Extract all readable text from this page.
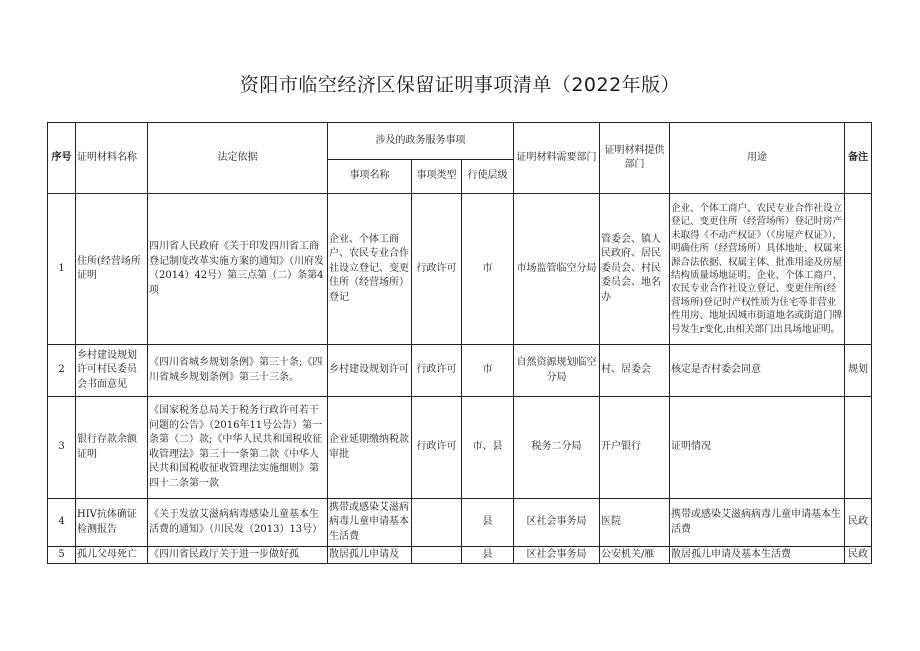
资阳市临空经济区保留证明事项清单（2022年版）
序号	证明材料名称	法定依据	涉及的政务服务事项			证明材料需要部门	证明材料提供部门	用途	备注
			事项名称	事项类型	行使层级				
1	住所(经营场所证明	四川省人民政府《关于印发四川省工商登记制度改革实施方案的通知》（川府发（2014）42号）第三点第（二）条第4项	企业、个体工商户、农民专业合作社设立登记、变更住所（经营场所）登记	行政许可	市	市场监管临空分局	管委会、镇人民政府、居民委员会、村民委员会、地名办	企业、个体工商户、农民专业合作社设立登记、变更住所（经营场所）登记时房产未取得《不动产权证》（《房屋产权证》），明确住所（经营场所）具体地址、权属来源合法依据、权属主体、批准用途及房屋结构质量场地证明。企业、个体工商户、农民专业合作社设立登记、变更住所(经营场所)登记时产权性质为住宅等非营业性用房、地址因城市街道地名或街道门牌号发生r变化,由相关部门出具场地证明。	

2	乡村建设规划许可村民委员会书面意见	《四川省城乡规划条例》第三十条;《四川省城乡规划条例》第三十三条。	乡村建设规划许可	行政许可	市	自然资源规划临空分局	村、居委会	核定是否村委会同意	规划
3	银行存款余额证明	《国家税务总局关于税务行政许可若干问题的公告》（2016年11号公告）第一条第（二）款;《中华人民共和国税收征收管理法》第三十一条第二款《中华人民共和国税收征收管理法实施细则》第四十二条第一款	企业延期缴纳税款审批	行政许可	市、县	税务二分局	开户银行	证明情况	

4	HIV抗体确证检测报告	《关于发放艾滋病病毒感染儿童基本生活费的通知》（川民发（2013）13号）	携带或感染艾滋病病毒儿童申请基本生活费		县	区社会事务局	医院	携带或感染艾滋病病毒儿童申请基本生活费	民政
5	孤儿父母死亡	《四川省民政厅关于进一步做好孤	散居孤儿申请及		县	区社会事务局	公安机关/雁	散居孤儿申请及基本生活费	民政
